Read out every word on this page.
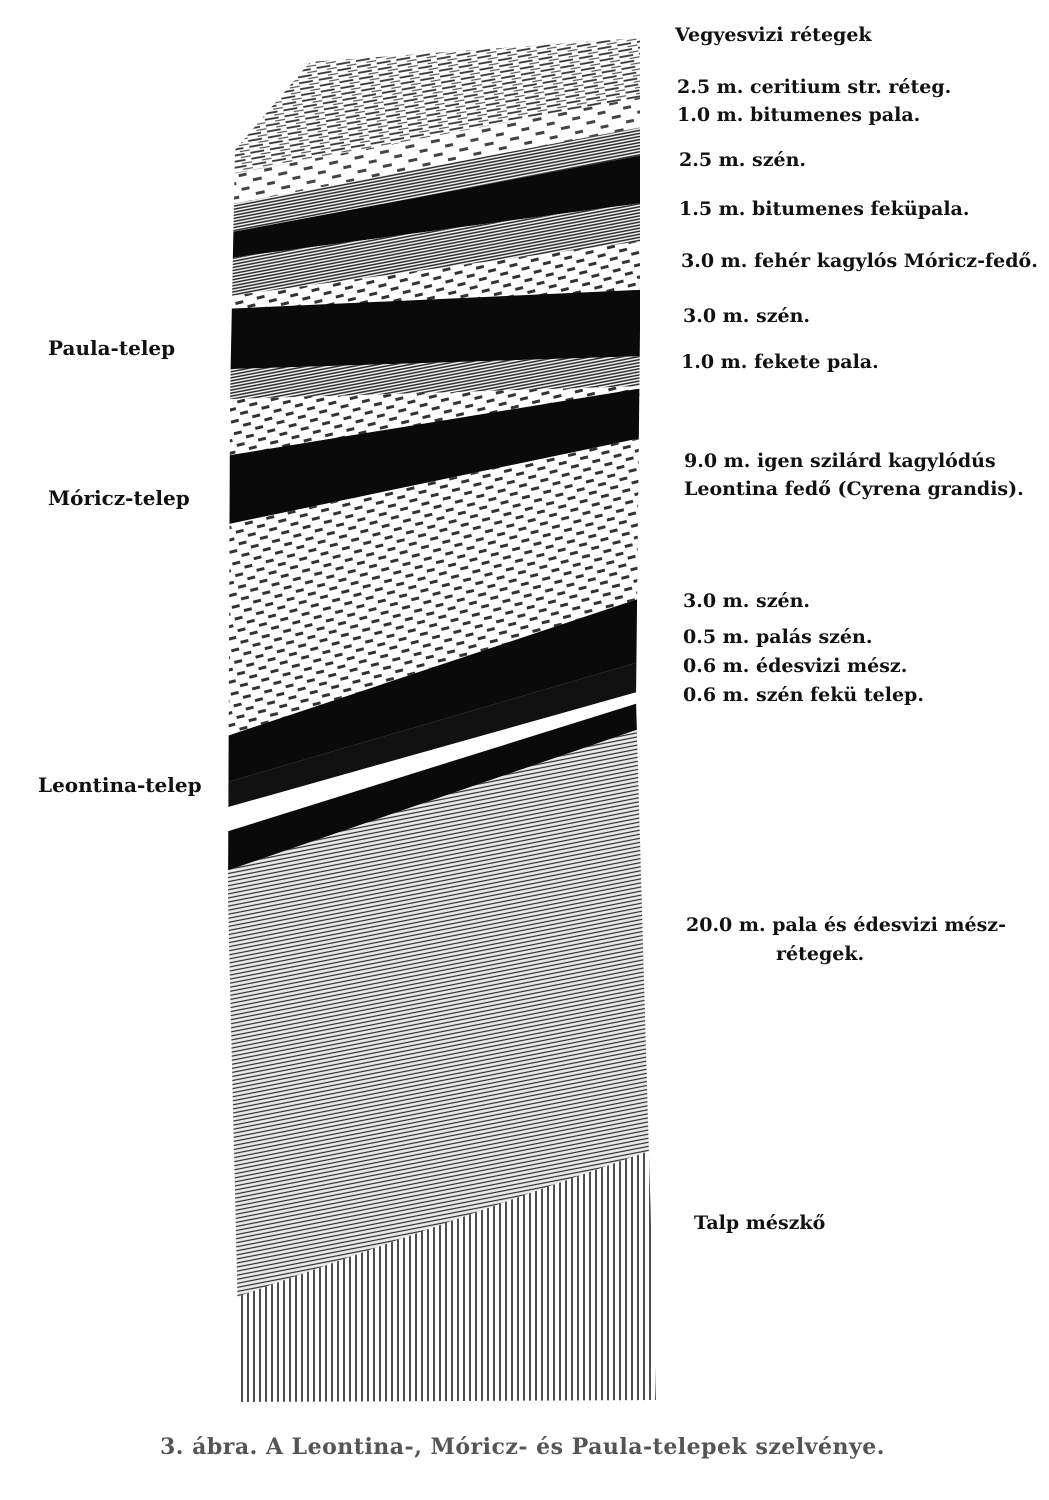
Vegyesvizi rétegek
2.5 m. ceritium str. réteg.
1.0 m. bitumenes pala.
2.5 m. szén.
1.5 m. bitumenes feküpala.
3.0 m. fehér kagylós Móricz-fedő.
3.0 m. szén.
1.0 m. fekete pala.
9.0 m. igen szilárd kagylódús
Leontina fedő (Cyrena grandis).
3.0 m. szén.
0.5 m. palás szén.
0.6 m. édesvizi mész.
0.6 m. szén fekü telep.
20.0 m. pala és édesvizi mész-
rétegek.
Talp mészkő
Paula-telep
Móricz-telep
Leontina-telep
3. ábra. A Leontina-, Móricz- és Paula-telepek szelvénye.
